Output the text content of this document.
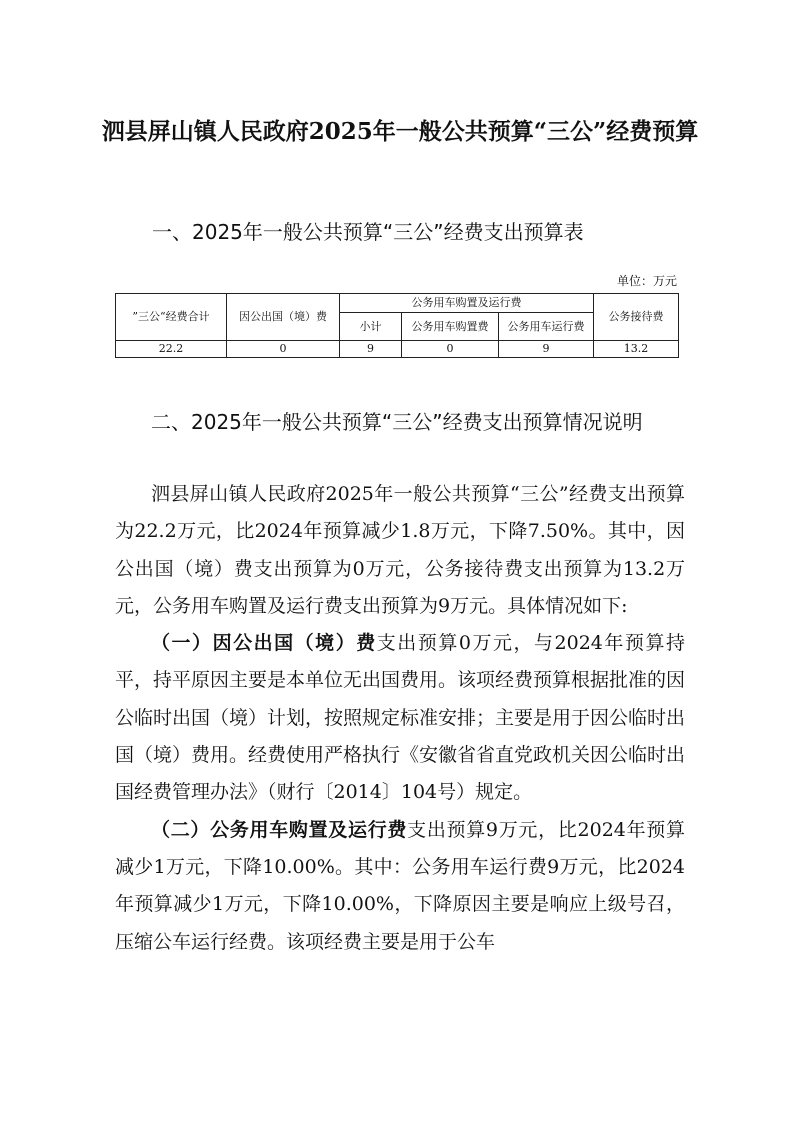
泗县屏山镇人民政府2025年一般公共预算“三公”经费预算
一、2025年一般公共预算“三公”经费支出预算表
单位：万元
”三公“经费合计	因公出国（境）费	公务用车购置及运行费			公务接待费
		小计	公务用车购置费	公务用车运行费	
22.2	0	9	0	9	13.2
二、2025年一般公共预算“三公”经费支出预算情况说明

泗县屏山镇人民政府2025年一般公共预算“三公”经费支出预算为22.2万元，比2024年预算减少1.8万元，下降7.50%。其中，因公出国（境）费支出预算为0万元，公务接待费支出预算为13.2万元，公务用车购置及运行费支出预算为9万元。具体情况如下:

（一）因公出国（境）费支出预算0万元，与2024年预算持平，持平原因主要是本单位无出国费用。该项经费预算根据批准的因公临时出国（境）计划，按照规定标准安排；主要是用于因公临时出国（境）费用。经费使用严格执行《安徽省省直党政机关因公临时出国经费管理办法》（财行〔2014〕104号）规定。

（二）公务用车购置及运行费支出预算9万元，比2024年预算减少1万元，下降10.00%。其中：公务用车运行费9万元，比2024年预算减少1万元，下降10.00%，下降原因主要是响应上级号召，压缩公车运行经费。该项经费主要是用于公车
